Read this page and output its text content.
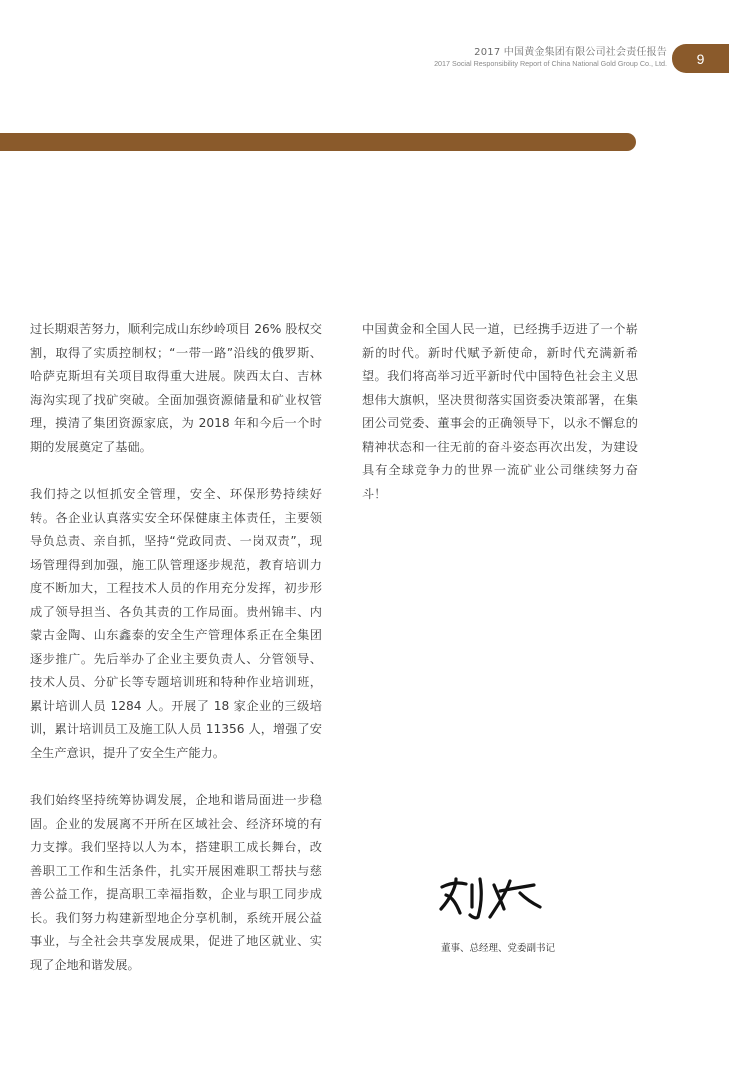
2017 中国黄金集团有限公司社会责任报告
2017 Social Responsibility Report of China National Gold Group Co., Ltd. 9

过长期艰苦努力，顺利完成山东纱岭项目 26% 股权交割，取得了实质控制权；“一带一路”沿线的俄罗斯、哈萨克斯坦有关项目取得重大进展。陕西太白、吉林海沟实现了找矿突破。全面加强资源储量和矿业权管理，摸清了集团资源家底，为 2018 年和今后一个时期的发展奠定了基础。

我们持之以恒抓安全管理，安全、环保形势持续好转。各企业认真落实安全环保健康主体责任，主要领导负总责、亲自抓，坚持“党政同责、一岗双责”，现场管理得到加强，施工队管理逐步规范，教育培训力度不断加大，工程技术人员的作用充分发挥，初步形成了领导担当、各负其责的工作局面。贵州锦丰、内蒙古金陶、山东鑫泰的安全生产管理体系正在全集团逐步推广。先后举办了企业主要负责人、分管领导、技术人员、分矿长等专题培训班和特种作业培训班，累计培训人员 1284 人。开展了 18 家企业的三级培训，累计培训员工及施工队人员 11356 人，增强了安全生产意识，提升了安全生产能力。

我们始终坚持统筹协调发展，企地和谐局面进一步稳固。企业的发展离不开所在区域社会、经济环境的有力支撑。我们坚持以人为本，搭建职工成长舞台，改善职工工作和生活条件，扎实开展困难职工帮扶与慈善公益工作，提高职工幸福指数，企业与职工同步成长。我们努力构建新型地企分享机制，系统开展公益事业，与全社会共享发展成果，促进了地区就业、实现了企地和谐发展。

中国黄金和全国人民一道，已经携手迈进了一个崭新的时代。新时代赋予新使命，新时代充满新希望。我们将高举习近平新时代中国特色社会主义思想伟大旗帜，坚决贯彻落实国资委决策部署，在集团公司党委、董事会的正确领导下，以永不懈怠的精神状态和一往无前的奋斗姿态再次出发，为建设具有全球竞争力的世界一流矿业公司继续努力奋斗！

董事、总经理、党委副书记
